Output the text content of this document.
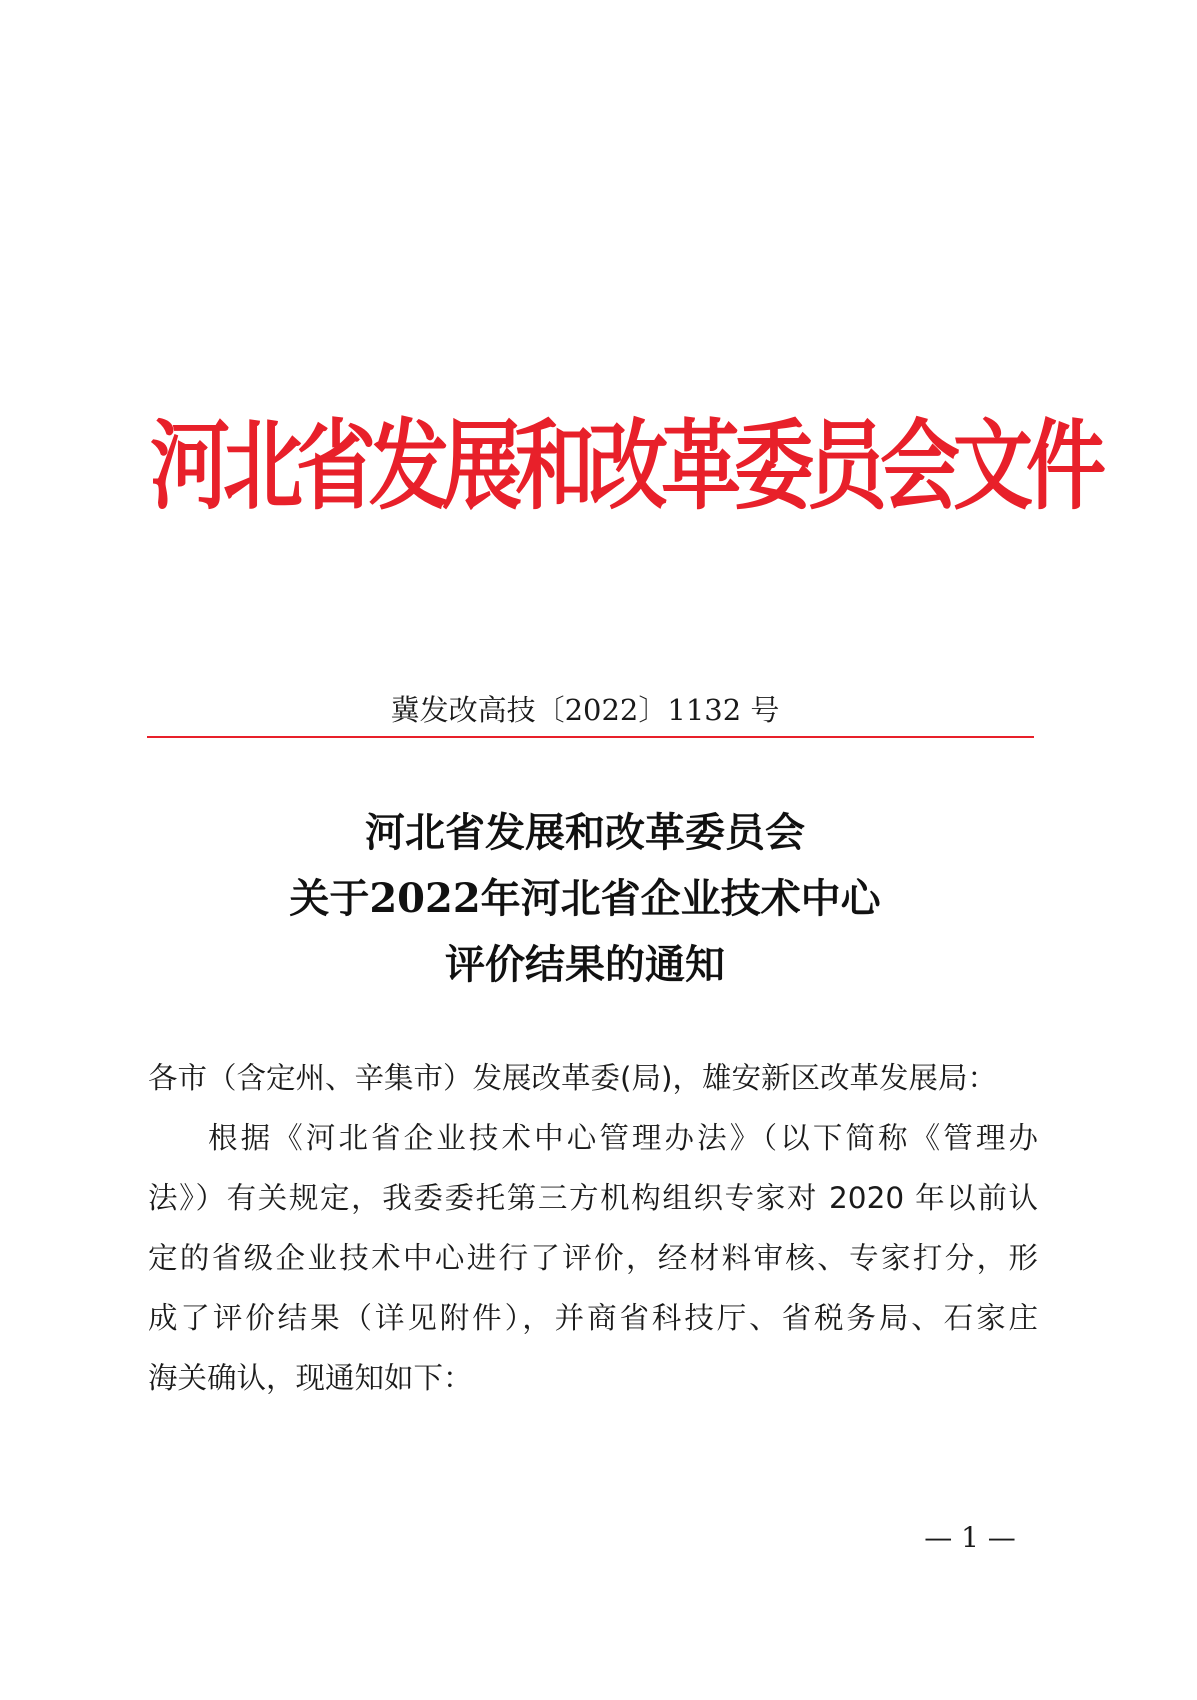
河北省发展和改革委员会文件
冀发改高技〔2022〕1132 号
河北省发展和改革委员会
关于2022年河北省企业技术中心
评价结果的通知
各市（含定州、辛集市）发展改革委(局)，雄安新区改革发展局：
根据《河北省企业技术中心管理办法》（以下简称《管理办
法》）有关规定，我委委托第三方机构组织专家对 2020 年以前认
定的省级企业技术中心进行了评价，经材料审核、专家打分，形
成了评价结果（详见附件），并商省科技厅、省税务局、石家庄
海关确认，现通知如下：
— 1 —
